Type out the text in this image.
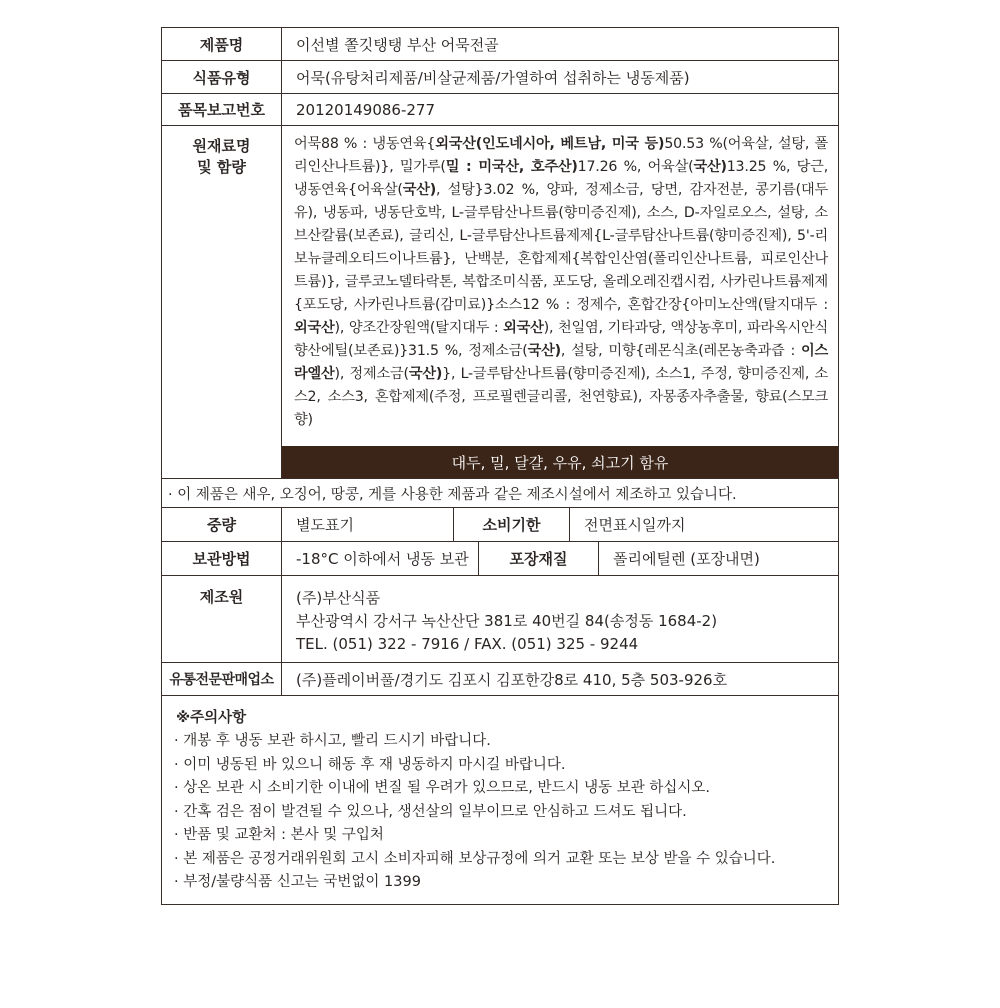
제품명	이선별 쫄깃탱탱 부산 어묵전골
식품유형	어묵(유탕처리제품/비살균제품/가열하여 섭취하는 냉동제품)
품목보고번호	20120149086-277
원재료명
및 함량
어묵88 % : 냉동연육{외국산(인도네시아, 베트남, 미국 등)50.53 %(어육살, 설탕, 폴리인산나트륨)}, 밀가루(밀 : 미국산, 호주산)17.26 %, 어육살(국산)13.25 %, 당근, 냉동연육{어육살(국산), 설탕}3.02 %, 양파, 정제소금, 당면, 감자전분, 콩기름(대두유), 냉동파, 냉동단호박, L-글루탐산나트륨(향미증진제), 소스, D-자일로오스, 설탕, 소브산칼륨(보존료), 글리신, L-글루탐산나트륨제제{L-글루탐산나트륨(향미증진제), 5'-리보뉴클레오티드이나트륨}, 난백분, 혼합제제{복합인산염(폴리인산나트륨, 피로인산나트륨)}, 글루코노델타락톤, 복합조미식품, 포도당, 올레오레진캡시컴, 사카린나트륨제제{포도당, 사카린나트륨(감미료)}소스12 % : 정제수, 혼합간장{아미노산액(탈지대두 : 외국산), 양조간장원액(탈지대두 : 외국산), 천일염, 기타과당, 액상농후미, 파라옥시안식향산에틸(보존료)}31.5 %, 정제소금(국산), 설탕, 미향{레몬식초(레몬농축과즙 : 이스라엘산), 정제소금(국산)}, L-글루탐산나트륨(향미증진제), 소스1, 주정, 향미증진제, 소스2, 소스3, 혼합제제(주정, 프로필렌글리콜, 천연향료), 자몽종자추출물, 향료(스모크향)
대두, 밀, 달걀, 우유, 쇠고기 함유
· 이 제품은 새우, 오징어, 땅콩, 게를 사용한 제품과 같은 제조시설에서 제조하고 있습니다.
중량	별도표기	소비기한	전면표시일까지
보관방법	-18°C 이하에서 냉동 보관	포장재질	폴리에틸렌 (포장내면)
제조원	(주)부산식품
부산광역시 강서구 녹산산단 381로 40번길 84(송정동 1684-2)
TEL. (051) 322 - 7916 / FAX. (051) 325 - 9244
유통전문판매업소	(주)플레이버풀/경기도 김포시 김포한강8로 410, 5층 503-926호
※주의사항
· 개봉 후 냉동 보관 하시고, 빨리 드시기 바랍니다.
· 이미 냉동된 바 있으니 해동 후 재 냉동하지 마시길 바랍니다.
· 상온 보관 시 소비기한 이내에 변질 될 우려가 있으므로, 반드시 냉동 보관 하십시오.
· 간혹 검은 점이 발견될 수 있으나, 생선살의 일부이므로 안심하고 드셔도 됩니다.
· 반품 및 교환처 : 본사 및 구입처
· 본 제품은 공정거래위원회 고시 소비자피해 보상규정에 의거 교환 또는 보상 받을 수 있습니다.
· 부정/불량식품 신고는 국번없이 1399
